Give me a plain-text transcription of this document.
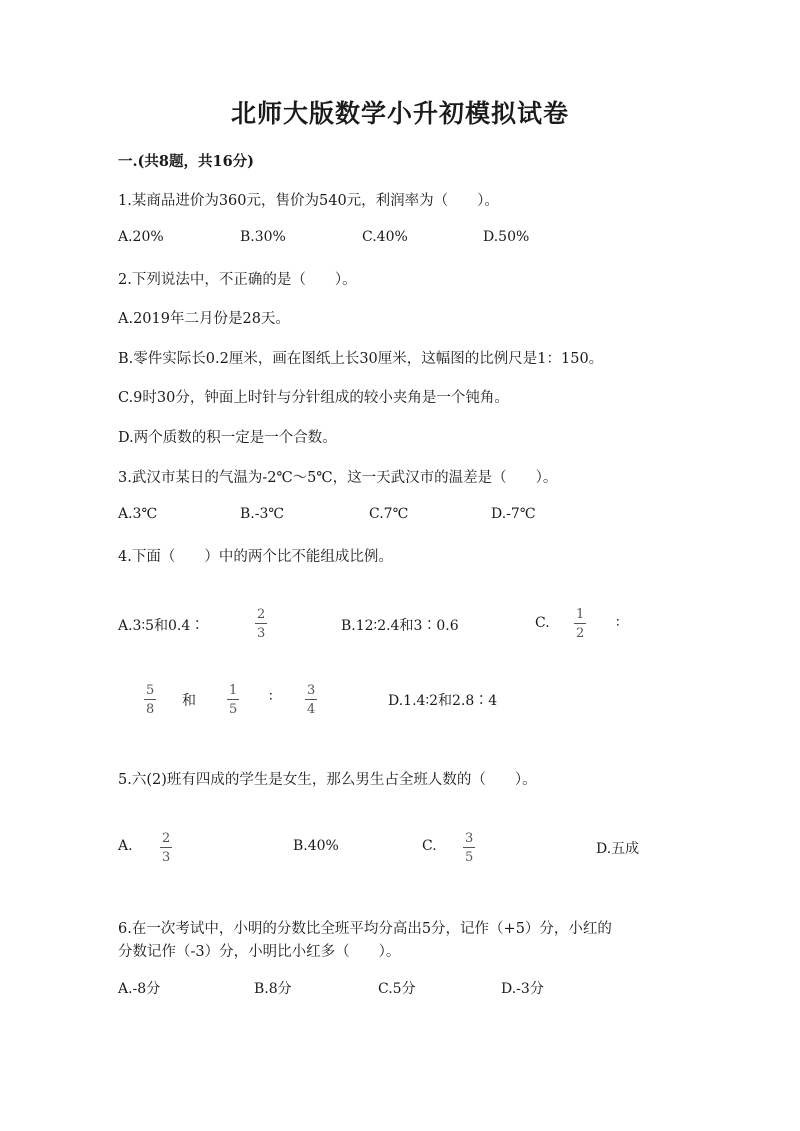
北师大版数学小升初模拟试卷
一.(共8题，共16分)
1.某商品进价为360元，售价为540元，利润率为（　　）。
A.20%	B.30%	C.40%	D.50%
2.下列说法中，不正确的是（　　）。
A.2019年二月份是28天。
B.零件实际长0.2厘米，画在图纸上长30厘米，这幅图的比例尺是1：150。
C.9时30分，钟面上时针与分针组成的较小夹角是一个钝角。
D.两个质数的积一定是一个合数。
3.武汉市某日的气温为-2℃～5℃，这一天武汉市的温差是（　　）。
A.3℃	B.-3℃	C.7℃	D.-7℃
4.下面（　　）中的两个比不能组成比例。
A.3∶5和0.4∶
2
3	B.12∶2.4和3∶0.6	C.
1
2
∶
5
8
和
1
5
∶	3
4
D.1.4∶2和2.8∶4
5.六(2)班有四成的学生是女生，那么男生占全班人数的（　　）。
A. 2
3
B.40%	C. 3
5
D.五成
6.在一次考试中，小明的分数比全班平均分高出5分，记作（+5）分，小红的
分数记作（-3）分，小明比小红多（　　）。
A.-8分	B.8分	C.5分	D.-3分
